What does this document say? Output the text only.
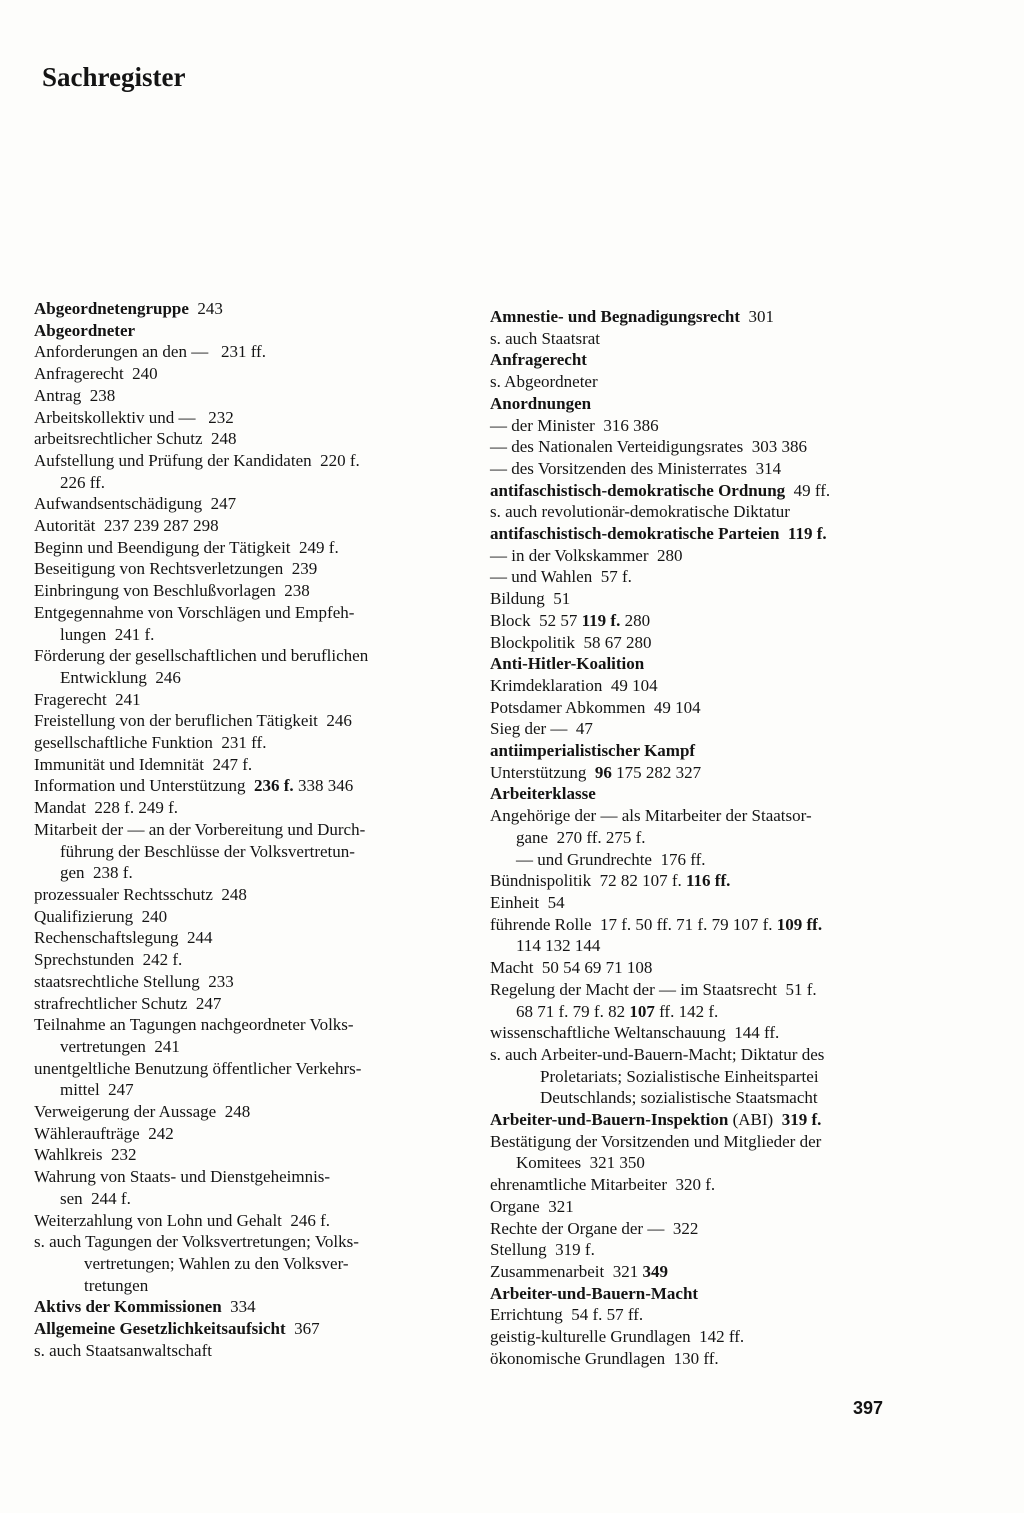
Sachregister
Abgeordnetengruppe  243
Abgeordneter
Anforderungen an den —   231 ff.
Anfragerecht  240
Antrag  238
Arbeitskollektiv und —   232
arbeitsrechtlicher Schutz  248
Aufstellung und Prüfung der Kandidaten  220 f.
226 ff.
Aufwandsentschädigung  247
Autorität  237 239 287 298
Beginn und Beendigung der Tätigkeit  249 f.
Beseitigung von Rechtsverletzungen  239
Einbringung von Beschlußvorlagen  238
Entgegennahme von Vorschlägen und Empfeh-
lungen  241 f.
Förderung der gesellschaftlichen und beruflichen
Entwicklung  246
Fragerecht  241
Freistellung von der beruflichen Tätigkeit  246
gesellschaftliche Funktion  231 ff.
Immunität und Idemnität  247 f.
Information und Unterstützung  236 f. 338 346
Mandat  228 f. 249 f.
Mitarbeit der — an der Vorbereitung und Durch-
führung der Beschlüsse der Volksvertretun-
gen  238 f.
prozessualer Rechtsschutz  248
Qualifizierung  240
Rechenschaftslegung  244
Sprechstunden  242 f.
staatsrechtliche Stellung  233
strafrechtlicher Schutz  247
Teilnahme an Tagungen nachgeordneter Volks-
vertretungen  241
unentgeltliche Benutzung öffentlicher Verkehrs-
mittel  247
Verweigerung der Aussage  248
Wähleraufträge  242
Wahlkreis  232
Wahrung von Staats- und Dienstgeheimnis-
sen  244 f.
Weiterzahlung von Lohn und Gehalt  246 f.
s. auch Tagungen der Volksvertretungen; Volks-
vertretungen; Wahlen zu den Volksver-
tretungen
Aktivs der Kommissionen  334
Allgemeine Gesetzlichkeitsaufsicht  367
s. auch Staatsanwaltschaft
Amnestie- und Begnadigungsrecht  301
s. auch Staatsrat
Anfragerecht
s. Abgeordneter
Anordnungen
— der Minister  316 386
— des Nationalen Verteidigungsrates  303 386
— des Vorsitzenden des Ministerrates  314
antifaschistisch-demokratische Ordnung  49 ff.
s. auch revolutionär-demokratische Diktatur
antifaschistisch-demokratische Parteien  119 f.
— in der Volkskammer  280
— und Wahlen  57 f.
Bildung  51
Block  52 57 119 f. 280
Blockpolitik  58 67 280
Anti-Hitler-Koalition
Krimdeklaration  49 104
Potsdamer Abkommen  49 104
Sieg der —  47
antiimperialistischer Kampf
Unterstützung  96 175 282 327
Arbeiterklasse
Angehörige der — als Mitarbeiter der Staatsor-
gane  270 ff. 275 f.
— und Grundrechte  176 ff.
Bündnispolitik  72 82 107 f. 116 ff.
Einheit  54
führende Rolle  17 f. 50 ff. 71 f. 79 107 f. 109 ff.
114 132 144
Macht  50 54 69 71 108
Regelung der Macht der — im Staatsrecht  51 f.
68 71 f. 79 f. 82 107 ff. 142 f.
wissenschaftliche Weltanschauung  144 ff.
s. auch Arbeiter-und-Bauern-Macht; Diktatur des
Proletariats; Sozialistische Einheitspartei
Deutschlands; sozialistische Staatsmacht
Arbeiter-und-Bauern-Inspektion (ABI)  319 f.
Bestätigung der Vorsitzenden und Mitglieder der
Komitees  321 350
ehrenamtliche Mitarbeiter  320 f.
Organe  321
Rechte der Organe der —  322
Stellung  319 f.
Zusammenarbeit  321 349
Arbeiter-und-Bauern-Macht
Errichtung  54 f. 57 ff.
geistig-kulturelle Grundlagen  142 ff.
ökonomische Grundlagen  130 ff.
397
